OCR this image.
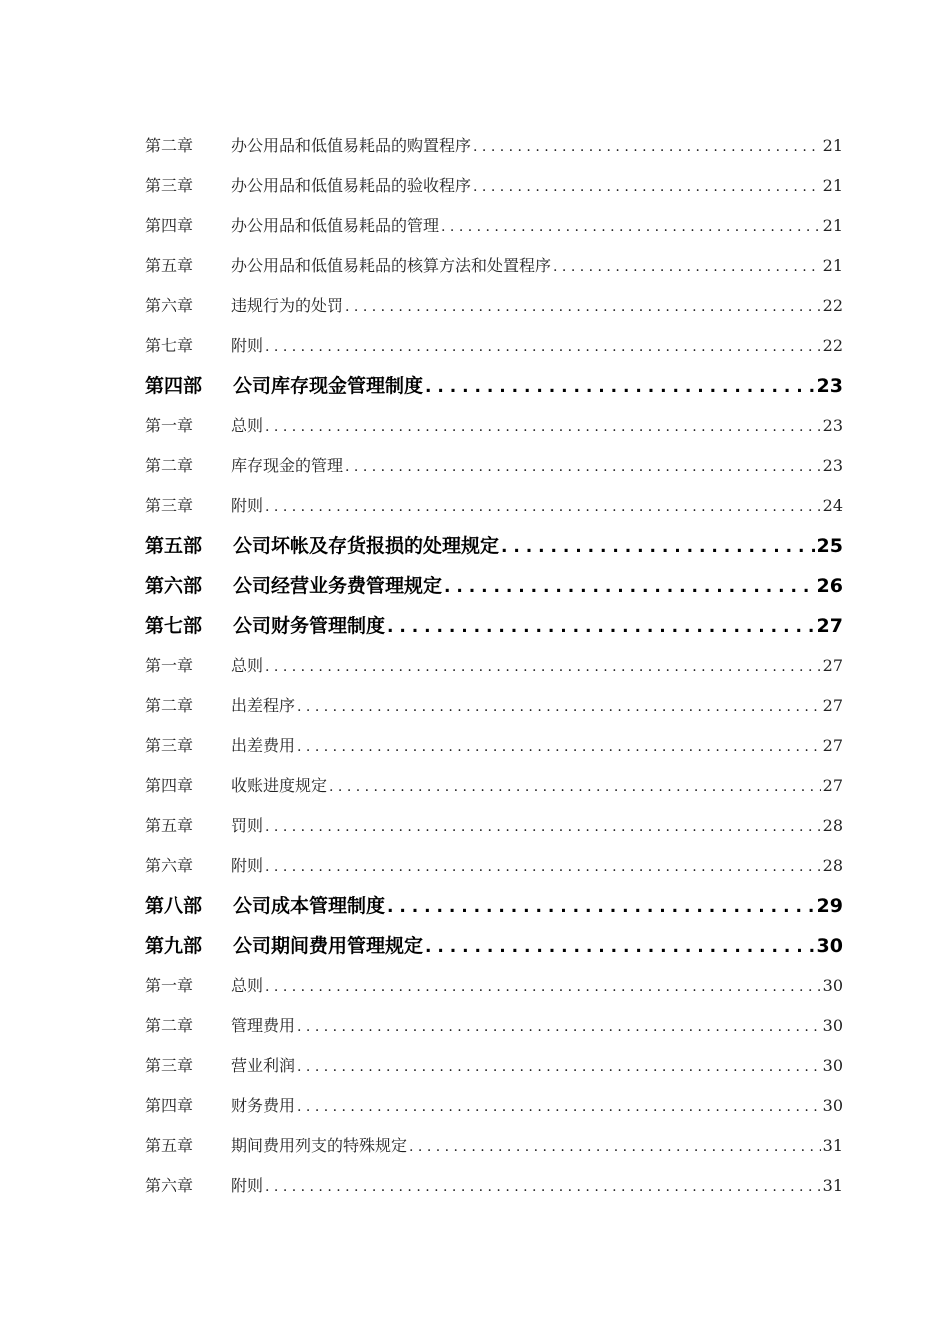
第二章	办公用品和低值易耗品的购置程序 . . .	21
第三章	办公用品和低值易耗品的验收程序 . . .	21
第四章	办公用品和低值易耗品的管理 . . .	21
第五章	办公用品和低值易耗品的核算方法和处置程序 . . .	21
第六章	违规行为的处罚 . . .	22
第七章	附则 . . .	22
第四部	公司库存现金管理制度 . . .	23
第一章	总则 . . .	23
第二章	库存现金的管理 . . .	23
第三章	附则 . . .	24
第五部	公司坏帐及存货报损的处理规定 . . .	25
第六部	公司经营业务费管理规定 . . .	26
第七部	公司财务管理制度 . . .	27
第一章	总则 . . .	27
第二章	出差程序 . . .	27
第三章	出差费用 . . .	27
第四章	收账进度规定 . . .	27
第五章	罚则 . . .	28
第六章	附则 . . .	28
第八部	公司成本管理制度 . . .	29
第九部	公司期间费用管理规定 . . .	30
第一章	总则 . . .	30
第二章	管理费用 . . .	30
第三章	营业利润 . . .	30
第四章	财务费用 . . .	30
第五章	期间费用列支的特殊规定 . . .	31
第六章	附则 . . .	31
